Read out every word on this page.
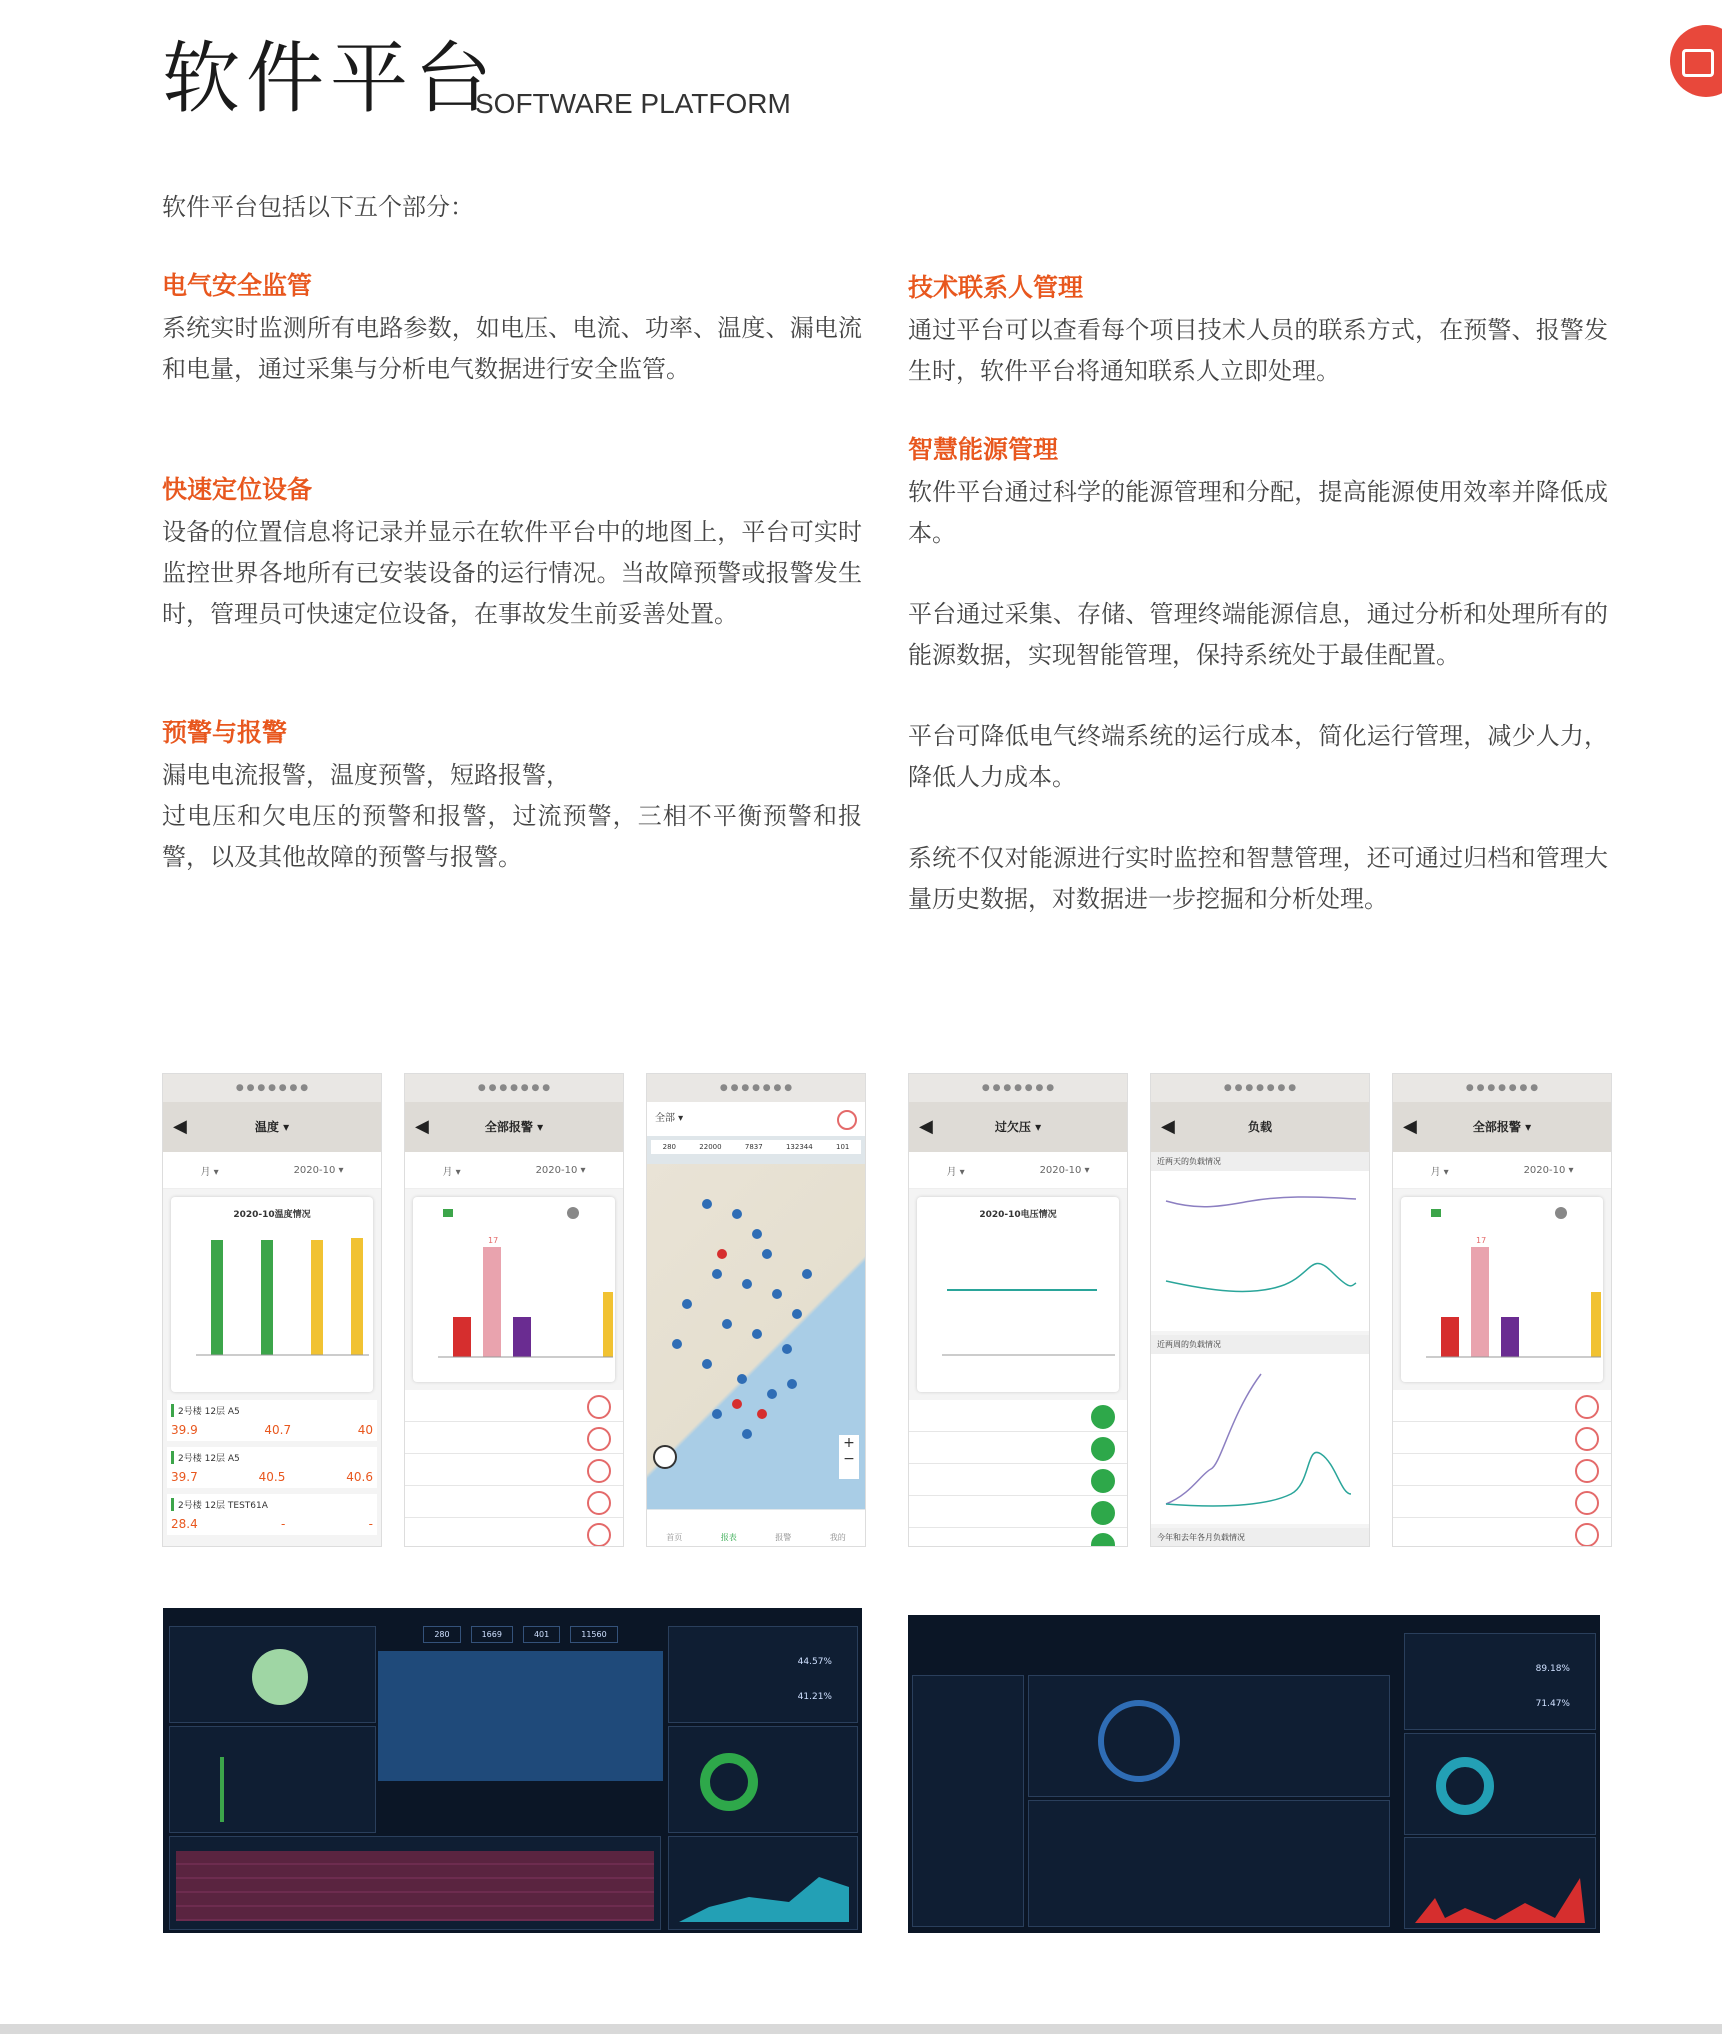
软件平台
SOFTWARE PLATFORM
软件平台包括以下五个部分：
电气安全监管

系统实时监测所有电路参数，如电压、电流、功率、温度、漏电流和电量，通过采集与分析电气数据进行安全监管。

快速定位设备

设备的位置信息将记录并显示在软件平台中的地图上，平台可实时监控世界各地所有已安装设备的运行情况。当故障预警或报警发生时，管理员可快速定位设备，在事故发生前妥善处置。

预警与报警

漏电电流报警，温度预警，短路报警，

过电压和欠电压的预警和报警，过流预警，三相不平衡预警和报警，以及其他故障的预警与报警。

技术联系人管理

通过平台可以查看每个项目技术人员的联系方式，在预警、报警发生时，软件平台将通知联系人立即处理。

智慧能源管理

软件平台通过科学的能源管理和分配，提高能源使用效率并降低成本。

平台通过采集、存储、管理终端能源信息，通过分析和处理所有的能源数据，实现智能管理，保持系统处于最佳配置。

平台可降低电气终端系统的运行成本，简化运行管理，减少人力，降低人力成本。

系统不仅对能源进行实时监控和智慧管理，还可通过归档和管理大量历史数据，对数据进一步挖掘和分析处理。

● ● ● ● ● ● ●
◀	温度 ▾
月 ▾	2020-10 ▾
2020-10温度情况
2号楼 12层 A5
39.9	40.7	40
2号楼 12层 A5
39.7	40.5	40.6
2号楼 12层 TEST61A
28.4	-	-
● ● ● ● ● ● ●
◀	全部报警 ▾
月 ▾	2020-10 ▾
17
● ● ● ● ● ● ●
全部 ▾
280	22000	7837	132344	101
+
−
首页	报表	报警	我的
● ● ● ● ● ● ●
◀	过欠压 ▾
月 ▾	2020-10 ▾
2020-10电压情况
● ● ● ● ● ● ●
◀	负载
近两天的负载情况
近两周的负载情况
今年和去年各月负载情况
● ● ● ● ● ● ●
◀	全部报警 ▾
月 ▾	2020-10 ▾
17
280	1669	401	11560
44.57%
41.21%
89.18%
71.47%
